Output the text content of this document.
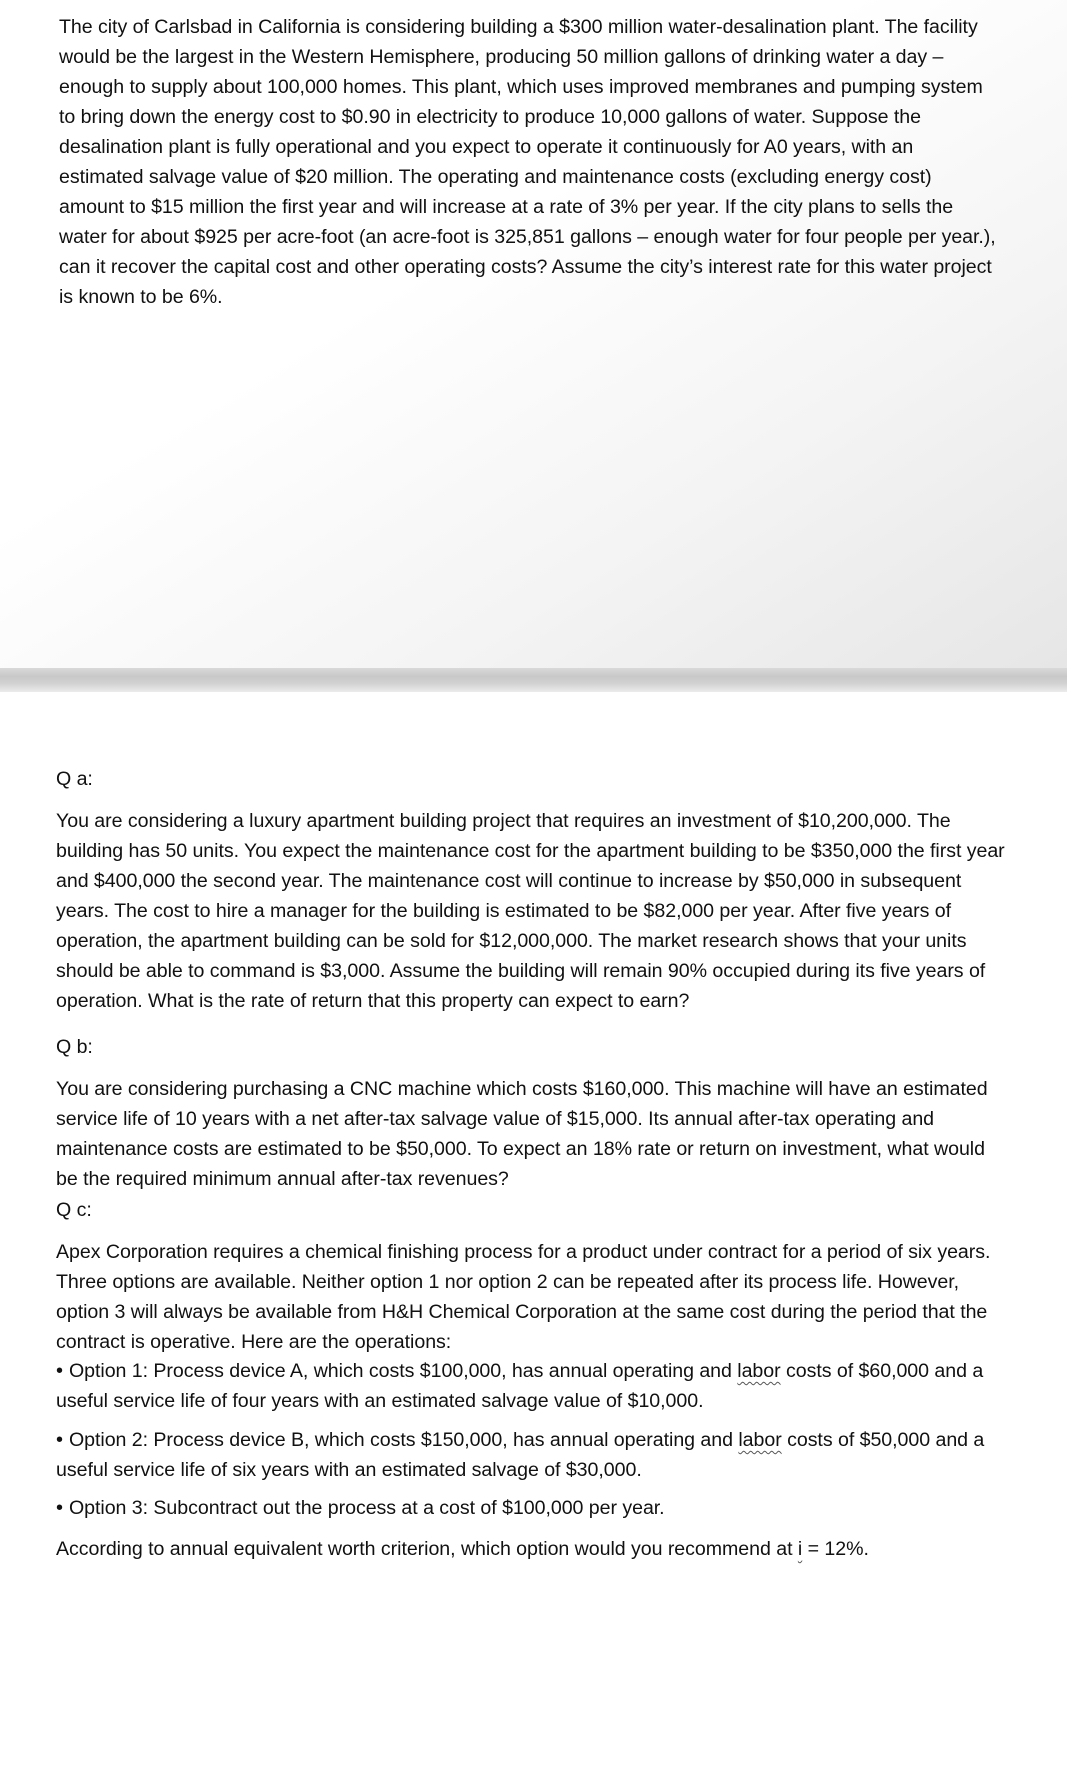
The city of Carlsbad in California is considering building a $300 million water-desalination plant. The facility would be the largest in the Western Hemisphere, producing 50 million gallons of drinking water a day – enough to supply about 100,000 homes. This plant, which uses improved membranes and pumping system to bring down the energy cost to $0.90 in electricity to produce 10,000 gallons of water. Suppose the desalination plant is fully operational and you expect to operate it continuously for A0 years, with an estimated salvage value of $20 million. The operating and maintenance costs (excluding energy cost) amount to $15 million the first year and will increase at a rate of 3% per year. If the city plans to sells the water for about $925 per acre-foot (an acre-foot is 325,851 gallons – enough water for four people per year.), can it recover the capital cost and other operating costs? Assume the city’s interest rate for this water project is known to be 6%.
Q a:
You are considering a luxury apartment building project that requires an investment of $10,200,000. The building has 50 units. You expect the maintenance cost for the apartment building to be $350,000 the first year and $400,000 the second year. The maintenance cost will continue to increase by $50,000 in subsequent years. The cost to hire a manager for the building is estimated to be $82,000 per year. After five years of operation, the apartment building can be sold for $12,000,000. The market research shows that your units should be able to command is $3,000. Assume the building will remain 90% occupied during its five years of operation. What is the rate of return that this property can expect to earn?
Q b:
You are considering purchasing a CNC machine which costs $160,000. This machine will have an estimated service life of 10 years with a net after-tax salvage value of $15,000. Its annual after-tax operating and maintenance costs are estimated to be $50,000. To expect an 18% rate or return on investment, what would be the required minimum annual after-tax revenues?
Q c:
Apex Corporation requires a chemical finishing process for a product under contract for a period of six years. Three options are available. Neither option 1 nor option 2 can be repeated after its process life. However, option 3 will always be available from H&H Chemical Corporation at the same cost during the period that the contract is operative. Here are the operations:
• Option 1: Process device A, which costs $100,000, has annual operating and labor costs of $60,000 and a useful service life of four years with an estimated salvage value of $10,000.
• Option 2: Process device B, which costs $150,000, has annual operating and labor costs of $50,000 and a useful service life of six years with an estimated salvage of $30,000.
• Option 3: Subcontract out the process at a cost of $100,000 per year.
According to annual equivalent worth criterion, which option would you recommend at i = 12%.
